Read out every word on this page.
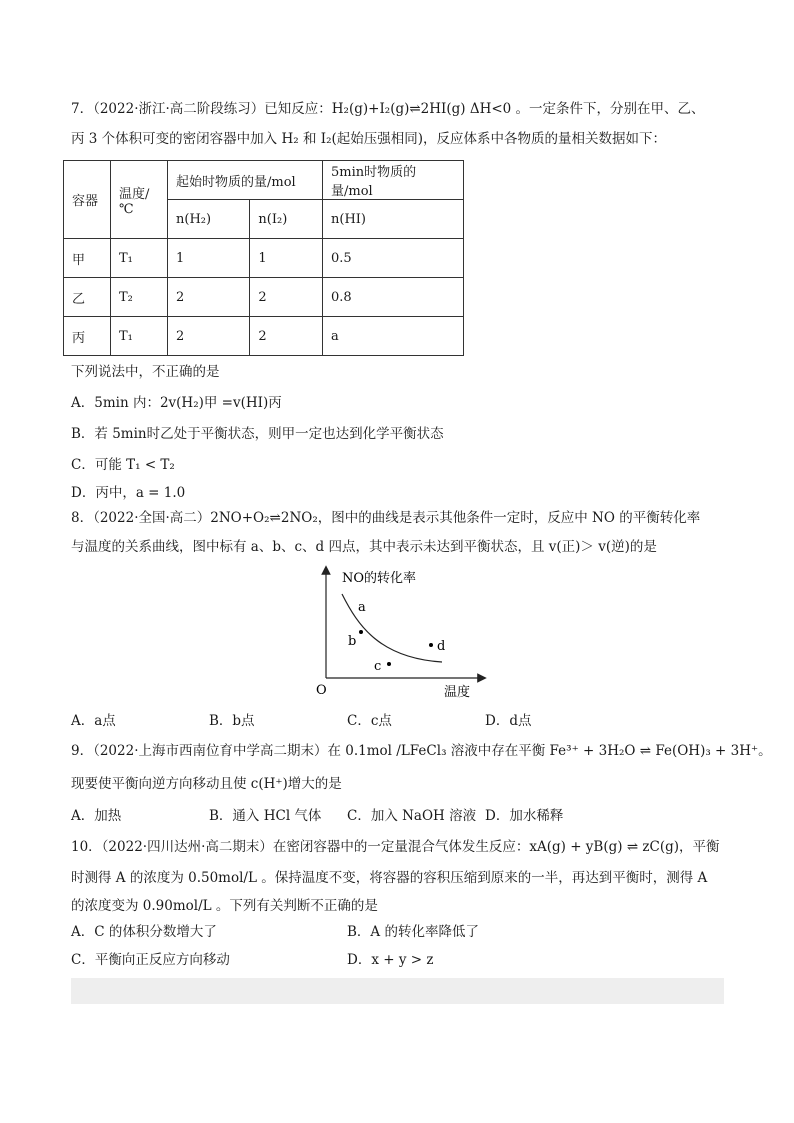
7．（2022·浙江·高二阶段练习）已知反应：H₂(g)+I₂(g)⇌2HI(g) ΔH<0 。一定条件下，分别在甲、乙、
丙 3 个体积可变的密闭容器中加入 H₂ 和 I₂(起始压强相同)，反应体系中各物质的量相关数据如下：
容器	温度/℃	起始时物质的量/mol		5min时物质的量/mol
		n(H₂)	n(I₂)	n(HI)
甲	T₁	1	1	0.5
乙	T₂	2	2	0.8
丙	T₁	2	2	a
下列说法中，不正确的是
A．5min 内：2v(H₂)甲 =v(HI)丙
B．若 5min时乙处于平衡状态，则甲一定也达到化学平衡状态
C．可能 T₁ < T₂
D．丙中，a = 1.0
8．（2022·全国·高二）2NO+O₂⇌2NO₂，图中的曲线是表示其他条件一定时，反应中 NO 的平衡转化率
与温度的关系曲线，图中标有 a、b、c、d 四点，其中表示未达到平衡状态，且 v(正)＞ v(逆)的是
NO的转化率
温度
O
a
b
c
d
A．a点	B．b点	C．c点	D．d点
9．（2022·上海市西南位育中学高二期末）在 0.1mol /LFeCl₃ 溶液中存在平衡 Fe³⁺ + 3H₂O ⇌ Fe(OH)₃ + 3H⁺。
现要使平衡向逆方向移动且使 c(H⁺)增大的是
A．加热	B．通入 HCl 气体 C．加入 NaOH 溶液 D．加水稀释
10．（2022·四川达州·高二期末）在密闭容器中的一定量混合气体发生反应：xA(g) + yB(g) ⇌ zC(g)，平衡
时测得 A 的浓度为 0.50mol/L 。保持温度不变，将容器的容积压缩到原来的一半，再达到平衡时，测得 A
的浓度变为 0.90mol/L 。下列有关判断不正确的是
A．C 的体积分数增大了	B．A 的转化率降低了
C．平衡向正反应方向移动	D．x + y > z
